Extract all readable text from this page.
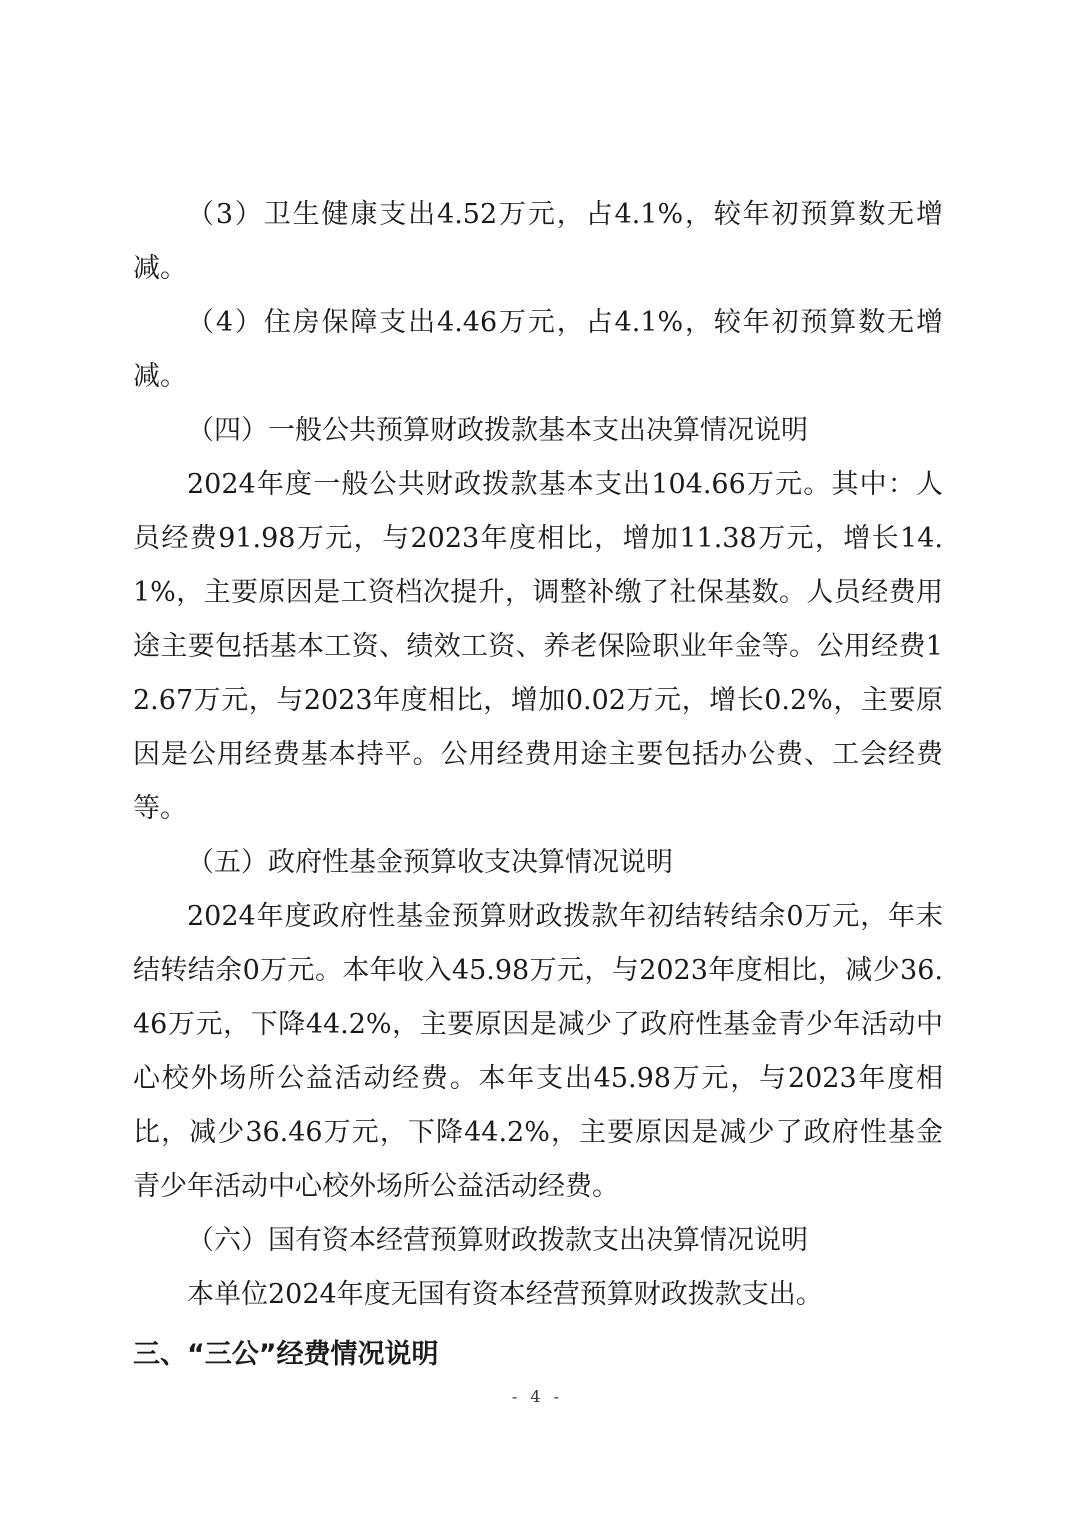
（3）卫生健康支出4.52万元，占4.1%，较年初预算数无增减。

（4）住房保障支出4.46万元，占4.1%，较年初预算数无增减。

（四）一般公共预算财政拨款基本支出决算情况说明

2024年度一般公共财政拨款基本支出104.66万元。其中：人员经费91.98万元，与2023年度相比，增加11.38万元，增长14.1%，主要原因是工资档次提升，调整补缴了社保基数。人员经费用途主要包括基本工资、绩效工资、养老保险职业年金等。公用经费12.67万元，与2023年度相比，增加0.02万元，增长0.2%，主要原因是公用经费基本持平。公用经费用途主要包括办公费、工会经费等。

（五）政府性基金预算收支决算情况说明

2024年度政府性基金预算财政拨款年初结转结余0万元，年末结转结余0万元。本年收入45.98万元，与2023年度相比，减少36.46万元，下降44.2%，主要原因是减少了政府性基金青少年活动中心校外场所公益活动经费。本年支出45.98万元，与2023年度相比，减少36.46万元，下降44.2%，主要原因是减少了政府性基金青少年活动中心校外场所公益活动经费。

（六）国有资本经营预算财政拨款支出决算情况说明

本单位2024年度无国有资本经营预算财政拨款支出。

三、“三公”经费情况说明

- 4 -
